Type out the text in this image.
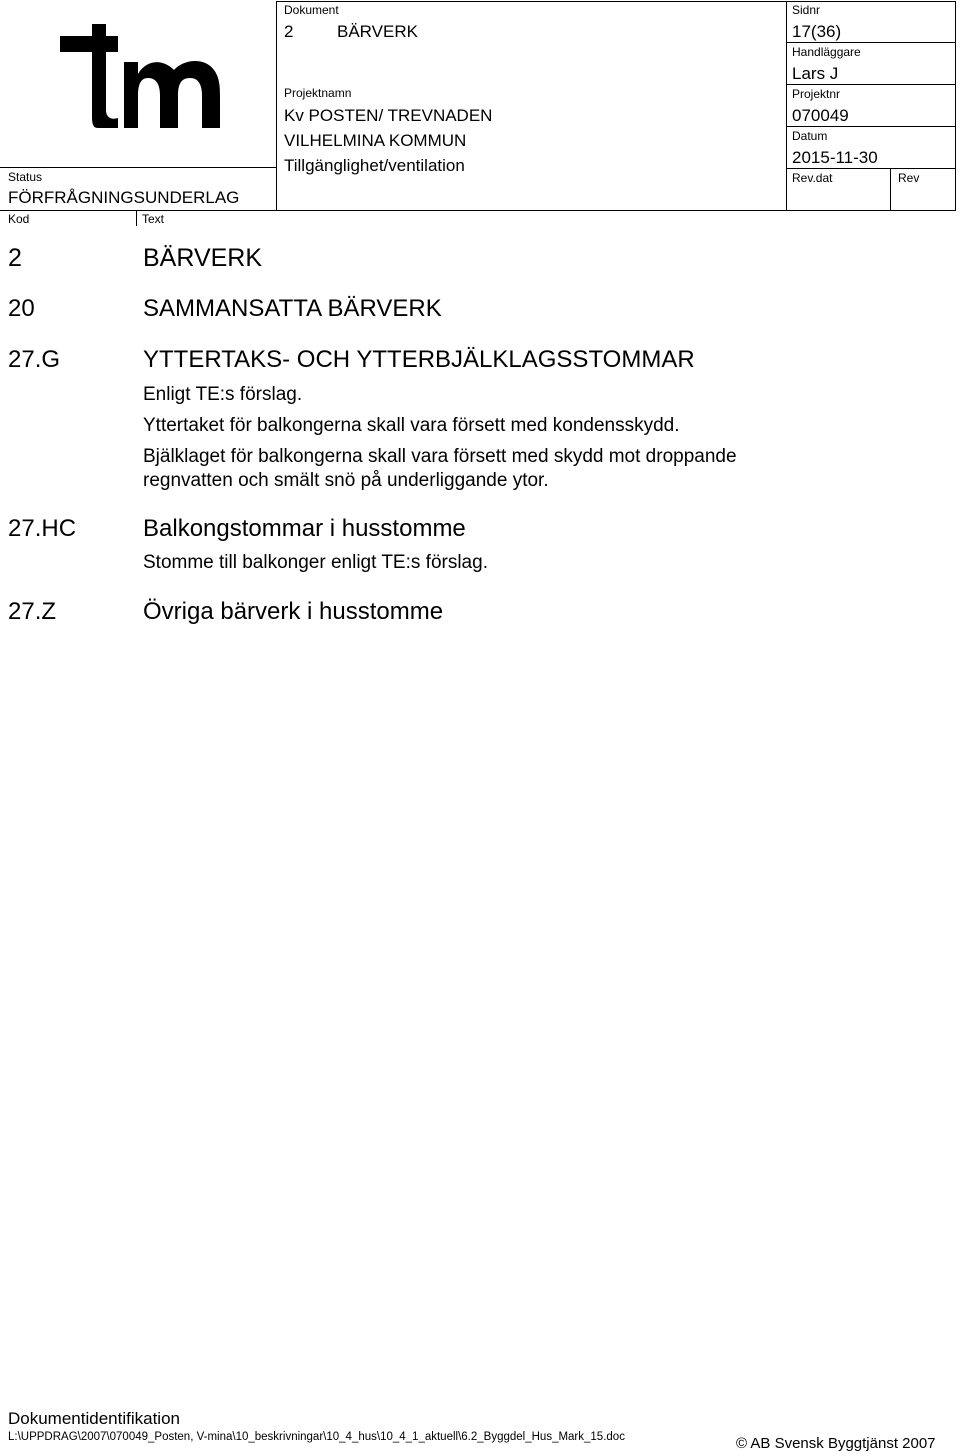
Status
FÖRFRÅGNINGSUNDERLAG
Kod	Text
Dokument
2	BÄRVERK
Projektnamn
Kv POSTEN/ TREVNADEN
VILHELMINA KOMMUN
Tillgänglighet/ventilation
Sidnr
17(36)
Handläggare
Lars J
Projektnr
070049
Datum
2015-11-30
Rev.dat	Rev
2	BÄRVERK
20	SAMMANSATTA BÄRVERK
27.G	YTTERTAKS- OCH YTTERBJÄLKLAGSSTOMMAR
Enligt TE:s förslag.
Yttertaket för balkongerna skall vara försett med kondensskydd.
Bjälklaget för balkongerna skall vara försett med skydd mot droppande
regnvatten och smält snö på underliggande ytor.
27.HC	Balkongstommar i husstomme
Stomme till balkonger enligt TE:s förslag.
27.Z	Övriga bärverk i husstomme
Dokumentidentifikation
L:\UPPDRAG\2007\070049_Posten, V-mina\10_beskrivningar\10_4_hus\10_4_1_aktuell\6.2_Byggdel_Hus_Mark_15.doc	© AB Svensk Byggtjänst 2007
